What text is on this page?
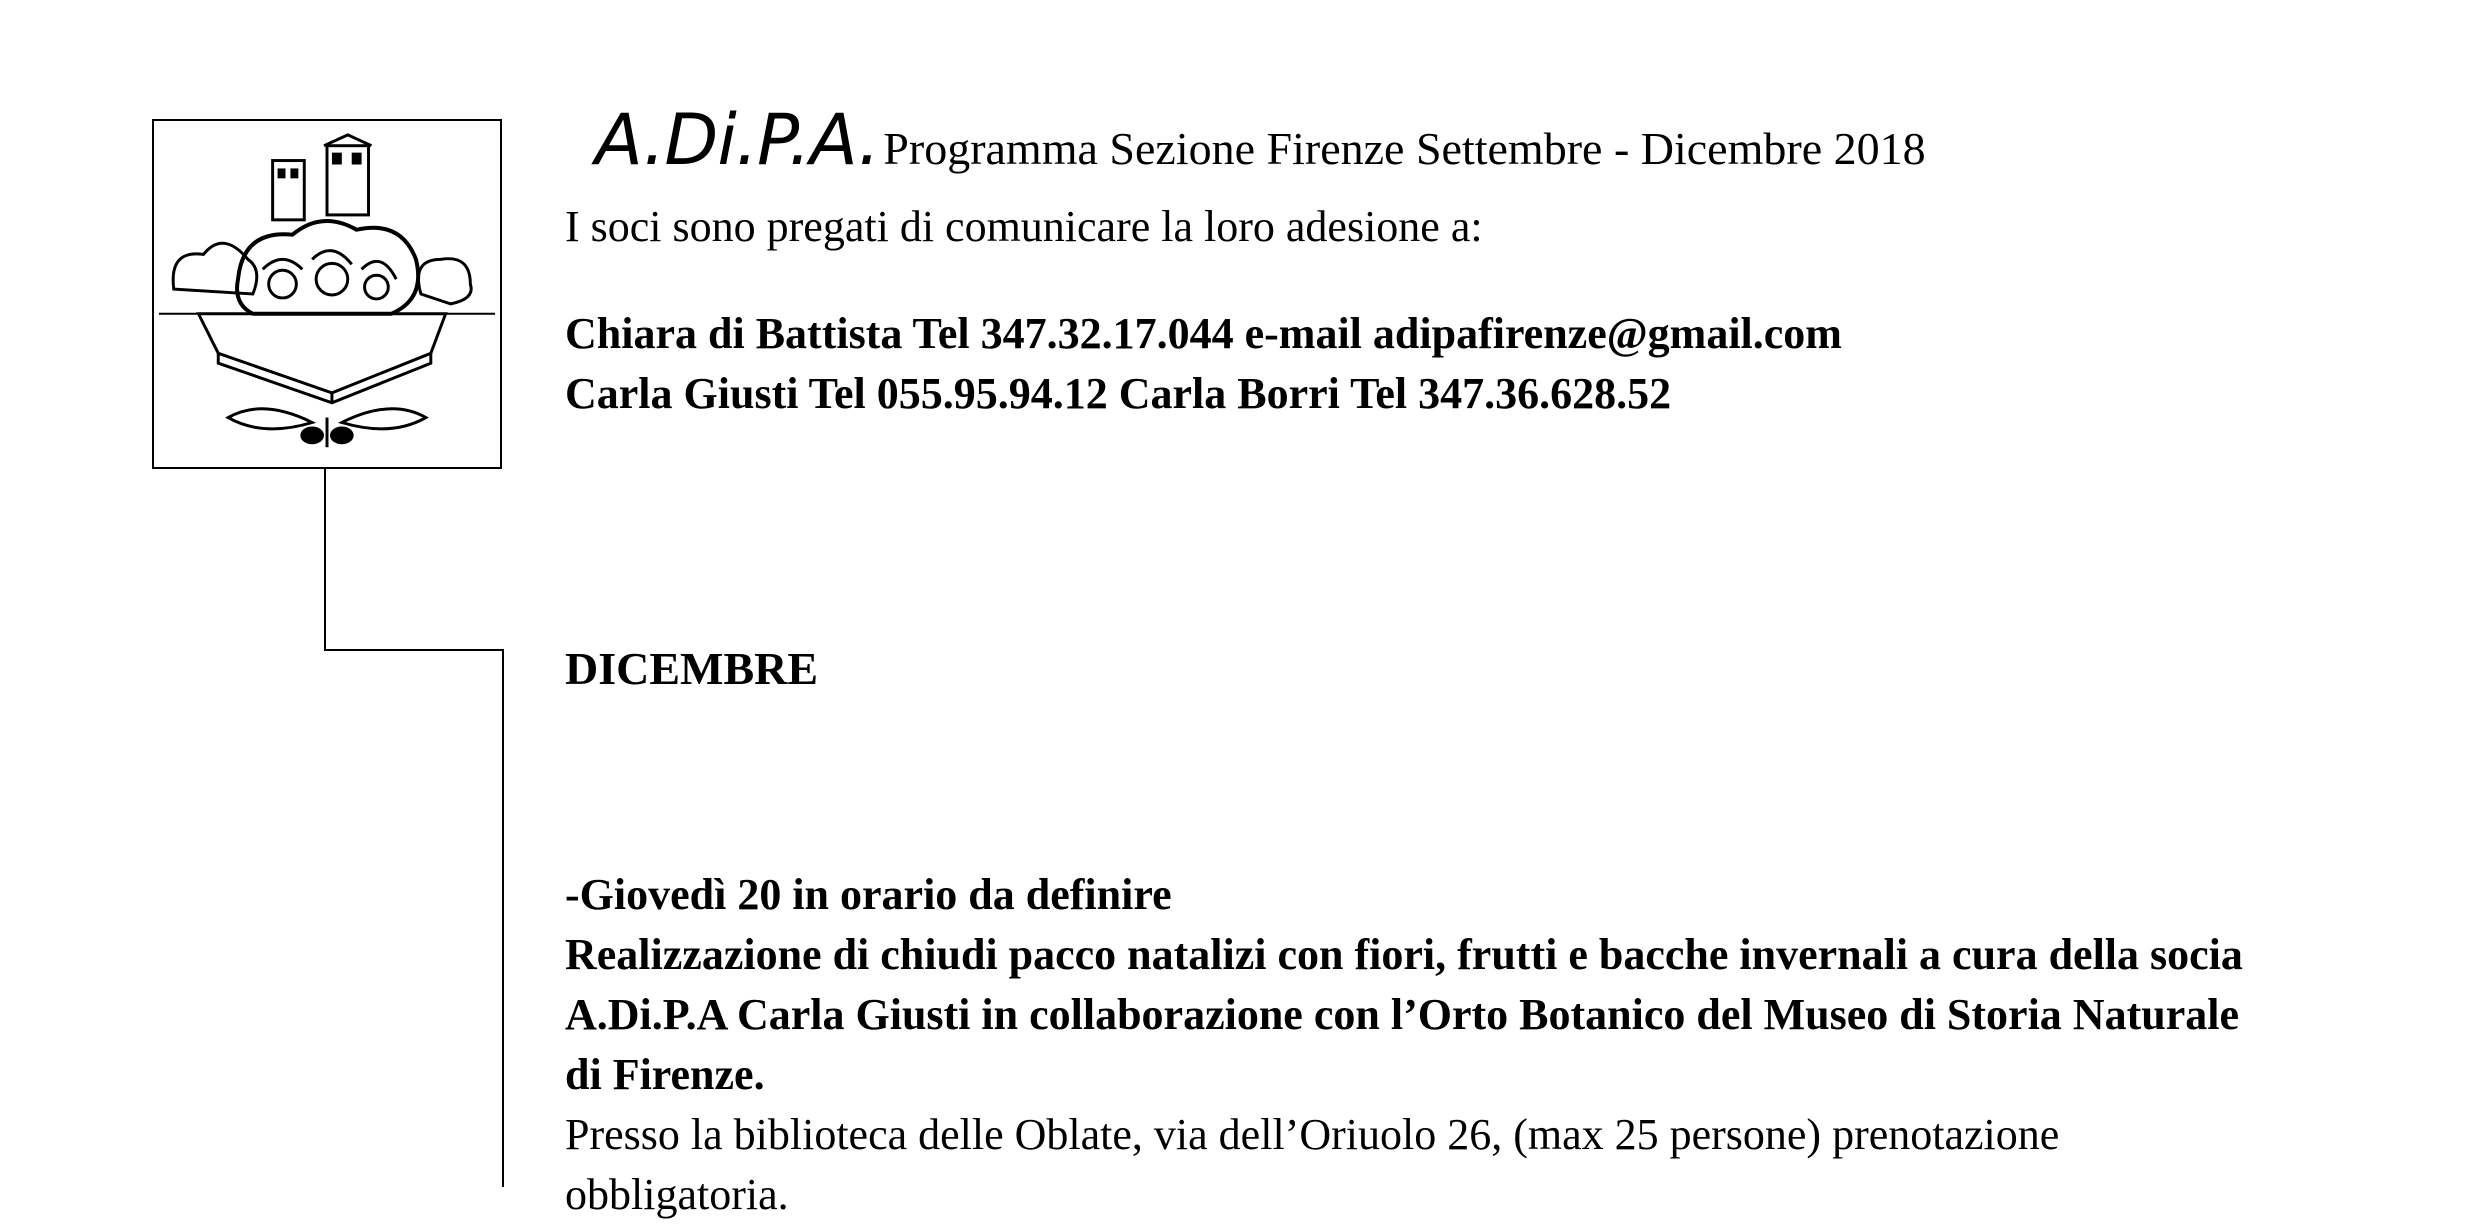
A.Di.P.A. Programma Sezione Firenze Settembre - Dicembre 2018

I soci sono pregati di comunicare la loro adesione a:

Chiara di Battista Tel 347.32.17.044 e-mail adipafirenze@gmail.com
Carla Giusti Tel 055.95.94.12 Carla Borri Tel 347.36.628.52
DICEMBRE
-Giovedì 20 in orario da definire
Realizzazione di chiudi pacco natalizi con fiori, frutti e bacche invernali a cura della socia A.Di.P.A Carla Giusti in collaborazione con l’Orto Botanico del Museo di Storia Naturale di Firenze.
Presso la biblioteca delle Oblate, via dell’Oriuolo 26, (max 25 persone) prenotazione obbligatoria.
